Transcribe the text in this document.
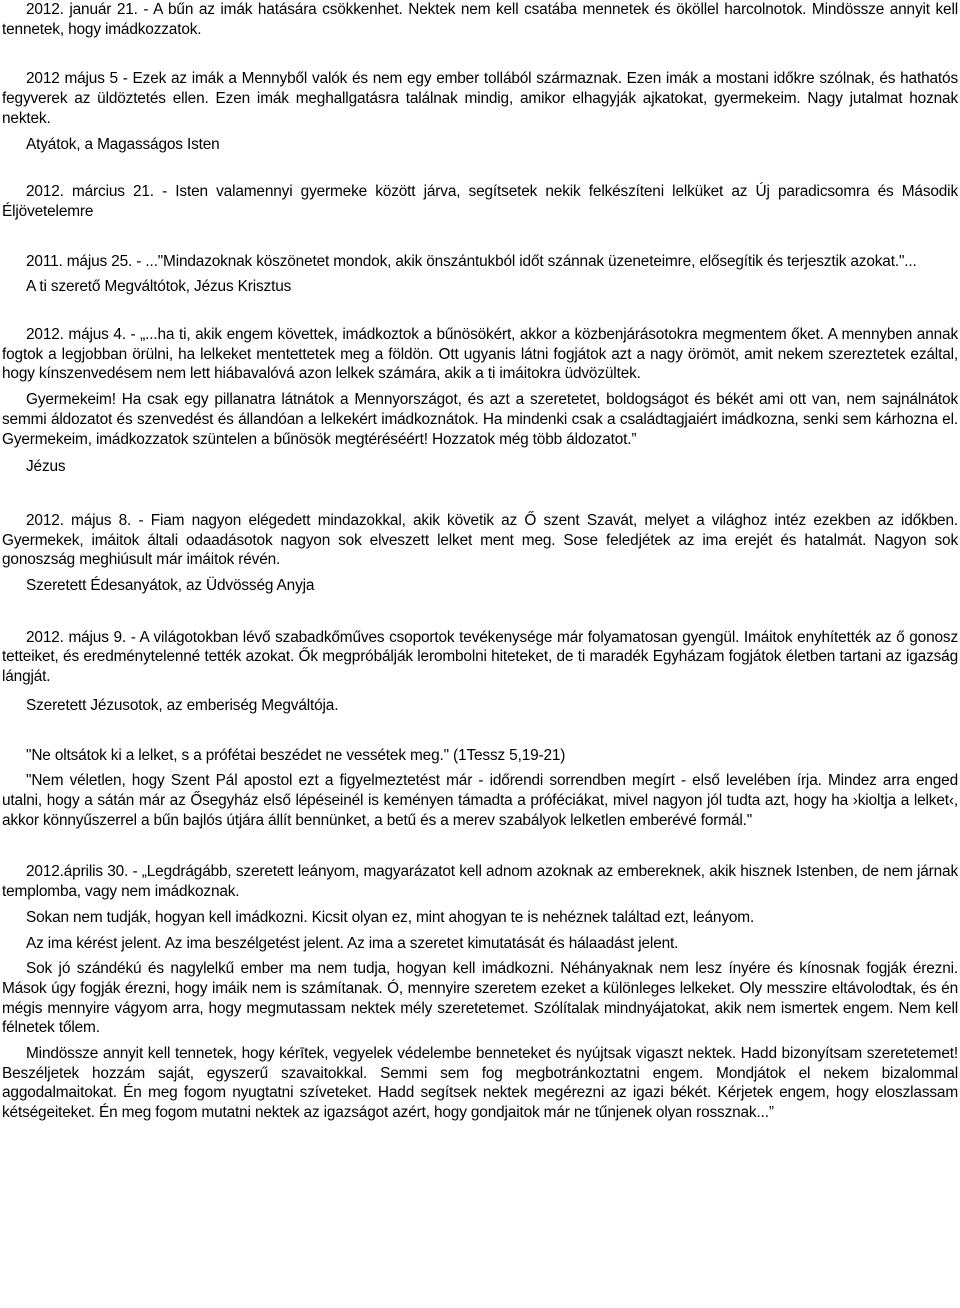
2012. január 21. - A bűn az imák hatására csökkenhet. Nektek nem kell csatába mennetek és ököllel harcolnotok. Mindössze annyit kell tennetek, hogy imádkozzatok.

2012 május 5 - Ezek az imák a Mennyből valók és nem egy ember tollából származnak. Ezen imák a mostani időkre szólnak, és hathatós fegyverek az üldöztetés ellen. Ezen imák meghallgatásra találnak mindig, amikor elhagyják ajkatokat, gyermekeim. Nagy jutalmat hoznak nektek.

Atyátok, a Magasságos Isten

2012. március 21. - Isten valamennyi gyermeke között járva, segítsetek nekik felkészíteni lelküket az Új paradicsomra és Második Éljövetelemre

2011. május 25. - ..."Mindazoknak köszönetet mondok, akik önszántukból időt szánnak üzeneteimre, elősegítik és terjesztik azokat."...

A ti szerető Megváltótok, Jézus Krisztus

2012. május 4. - „...ha ti, akik engem követtek, imádkoztok a bűnösökért, akkor a közbenjárásotokra megmentem őket. A mennyben annak fogtok a legjobban örülni, ha lelkeket mentettetek meg a földön. Ott ugyanis látni fogjátok azt a nagy örömöt, amit nekem szereztetek ezáltal, hogy kínszenvedésem nem lett hiábavalóvá azon lelkek számára, akik a ti imáitokra üdvözültek.

Gyermekeim! Ha csak egy pillanatra látnátok a Mennyországot, és azt a szeretetet, boldogságot és békét ami ott van, nem sajnálnátok semmi áldozatot és szenvedést és állandóan a lelkekért imádkoznátok. Ha mindenki csak a családtagjaiért imádkozna, senki sem kárhozna el. Gyermekeim, imádkozzatok szüntelen a bűnösök megtéréséért! Hozzatok még több áldozatot.”

Jézus

2012. május 8. - Fiam nagyon elégedett mindazokkal, akik követik az Ő szent Szavát, melyet a világhoz intéz ezekben az időkben. Gyermekek, imáitok általi odaadásotok nagyon sok elveszett lelket ment meg. Sose feledjétek az ima erejét és hatalmát. Nagyon sok gonoszság meghiúsult már imáitok révén.

Szeretett Édesanyátok, az Üdvösség Anyja

2012. május 9. - A világotokban lévő szabadkőműves csoportok tevékenysége már folyamatosan gyengül. Imáitok enyhítették az ő gonosz tetteiket, és eredménytelenné tették azokat. Ők megpróbálják lerombolni hiteteket, de ti maradék Egyházam fogjátok életben tartani az igazság lángját.

Szeretett Jézusotok, az emberiség Megváltója.

"Ne oltsátok ki a lelket, s a prófétai beszédet ne vessétek meg." (1Tessz 5,19-21)

"Nem véletlen, hogy Szent Pál apostol ezt a figyelmeztetést már - időrendi sorrendben megírt - első levelében írja. Mindez arra enged utalni, hogy a sátán már az Ősegyház első lépéseinél is keményen támadta a próféciákat, mivel nagyon jól tudta azt, hogy ha ›kioltja a lelket‹, akkor könnyűszerrel a bűn bajlós útjára állít bennünket, a betű és a merev szabályok lelketlen emberévé formál."

2012.április 30. - „Legdrágább, szeretett leányom, magyarázatot kell adnom azoknak az embereknek, akik hisznek Istenben, de nem járnak templomba, vagy nem imádkoznak.

Sokan nem tudják, hogyan kell imádkozni. Kicsit olyan ez, mint ahogyan te is nehéznek találtad ezt, leányom.

Az ima kérést jelent. Az ima beszélgetést jelent. Az ima a szeretet kimutatását és hálaadást jelent.

Sok jó szándékú és nagylelkű ember ma nem tudja, hogyan kell imádkozni. Néhányaknak nem lesz ínyére és kínosnak fogják érezni. Mások úgy fogják érezni, hogy imáik nem is számítanak. Ó, mennyire szeretem ezeket a különleges lelkeket. Oly messzire eltávolodtak, és én mégis mennyire vágyom arra, hogy megmutassam nektek mély szeretetemet. Szólítalak mindnyájatokat, akik nem ismertek engem. Nem kell félnetek tőlem.

Mindössze annyit kell tennetek, hogy kérītek, vegyelek védelembe benneteket és nyújtsak vigaszt nektek. Hadd bizonyítsam szeretetemet! Beszéljetek hozzám saját, egyszerű szavaitokkal. Semmi sem fog megbotránkoztatni engem. Mondjátok el nekem bizalommal aggodalmaitokat. Én meg fogom nyugtatni szíveteket. Hadd segítsek nektek megérezni az igazi békét. Kérjetek engem, hogy eloszlassam kétségeiteket. Én meg fogom mutatni nektek az igazságot azért, hogy gondjaitok már ne tűnjenek olyan rossznak...”
